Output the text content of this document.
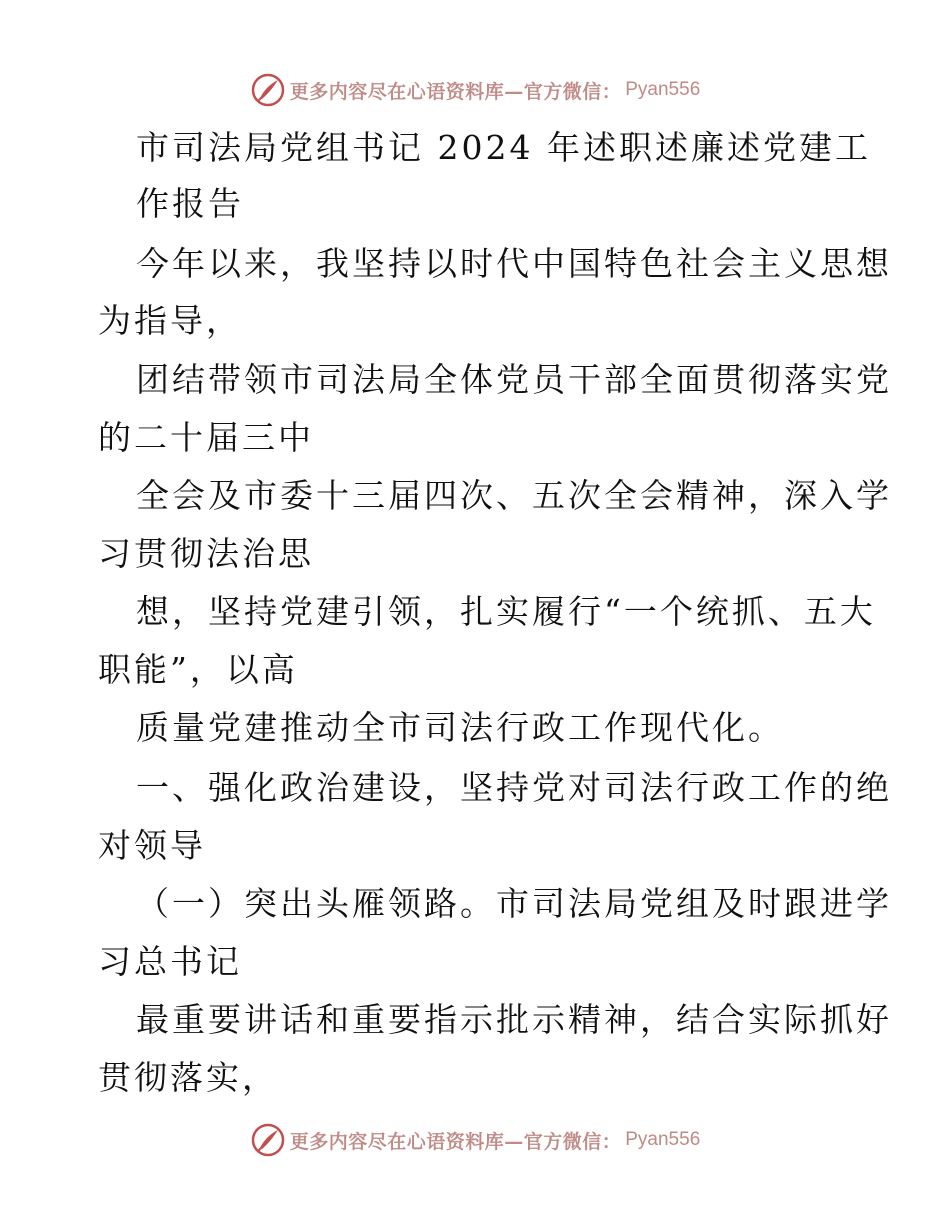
更多内容尽在心语资料库—官方微信： Pyan556
市司法局党组书记 2024 年述职述廉述党建工
作报告
今年以来，我坚持以时代中国特色社会主义思想
为指导，
团结带领市司法局全体党员干部全面贯彻落实党
的二十届三中
全会及市委十三届四次、五次全会精神，深入学
习贯彻法治思
想，坚持党建引领，扎实履行“一个统抓、五大
职能”，以高
质量党建推动全市司法行政工作现代化。
一、强化政治建设，坚持党对司法行政工作的绝
对领导
（一）突出头雁领路。市司法局党组及时跟进学
习总书记
最重要讲话和重要指示批示精神，结合实际抓好
贯彻落实，
更多内容尽在心语资料库—官方微信： Pyan556
